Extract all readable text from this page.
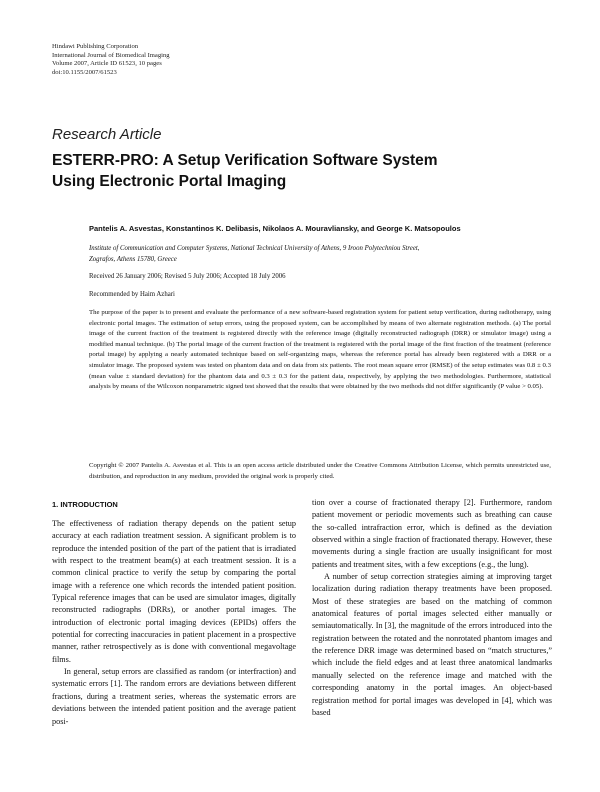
Hindawi Publishing Corporation
International Journal of Biomedical Imaging
Volume 2007, Article ID 61523, 10 pages
doi:10.1155/2007/61523
Research Article
ESTERR-PRO: A Setup Verification Software System
Using Electronic Portal Imaging
Pantelis A. Asvestas, Konstantinos K. Delibasis, Nikolaos A. Mouravliansky, and George K. Matsopoulos
Institute of Communication and Computer Systems, National Technical University of Athens, 9 Iroon Polytechniou Street,
Zografos, Athens 15780, Greece
Received 26 January 2006; Revised 5 July 2006; Accepted 18 July 2006
Recommended by Haim Azhari

The purpose of the paper is to present and evaluate the performance of a new software-based registration system for patient setup verification, during radiotherapy, using electronic portal images. The estimation of setup errors, using the proposed system, can be accomplished by means of two alternate registration methods. (a) The portal image of the current fraction of the treatment is registered directly with the reference image (digitally reconstructed radiograph (DRR) or simulator image) using a modified manual technique. (b) The portal image of the current fraction of the treatment is registered with the portal image of the first fraction of the treatment (reference portal image) by applying a nearly automated technique based on self-organizing maps, whereas the reference portal has already been registered with a DRR or a simulator image. The proposed system was tested on phantom data and on data from six patients. The root mean square error (RMSE) of the setup estimates was 0.8 ± 0.3 (mean value ± standard deviation) for the phantom data and 0.3 ± 0.3 for the patient data, respectively, by applying the two methodologies. Furthermore, statistical analysis by means of the Wilcoxon nonparametric signed test showed that the results that were obtained by the two methods did not differ significantly (P value > 0.05).

Copyright © 2007 Pantelis A. Asvestas et al. This is an open access article distributed under the Creative Commons Attribution License, which permits unrestricted use, distribution, and reproduction in any medium, provided the original work is properly cited.

1. INTRODUCTION

The effectiveness of radiation therapy depends on the patient setup accuracy at each radiation treatment session. A significant problem is to reproduce the intended position of the part of the patient that is irradiated with respect to the treatment beam(s) at each treatment session. It is a common clinical practice to verify the setup by comparing the portal image with a reference one which records the intended patient position. Typical reference images that can be used are simulator images, digitally reconstructed radiographs (DRRs), or another portal images. The introduction of electronic portal imaging devices (EPIDs) offers the potential for correcting inaccuracies in patient placement in a prospective manner, rather retrospectively as is done with conventional megavoltage films.

In general, setup errors are classified as random (or interfraction) and systematic errors [1]. The random errors are deviations between different fractions, during a treatment series, whereas the systematic errors are deviations between the intended patient position and the average patient posi-

tion over a course of fractionated therapy [2]. Furthermore, random patient movement or periodic movements such as breathing can cause the so-called intrafraction error, which is defined as the deviation observed within a single fraction of fractionated therapy. However, these movements during a single fraction are usually insignificant for most patients and treatment sites, with a few exceptions (e.g., the lung).

A number of setup correction strategies aiming at improving target localization during radiation therapy treatments have been proposed. Most of these strategies are based on the matching of common anatomical features of portal images selected either manually or semiautomatically. In [3], the magnitude of the errors introduced into the registration between the rotated and the nonrotated phantom images and the reference DRR image was determined based on “match structures,” which include the field edges and at least three anatomical landmarks manually selected on the reference image and matched with the corresponding anatomy in the portal images. An object-based registration method for portal images was developed in [4], which was based
